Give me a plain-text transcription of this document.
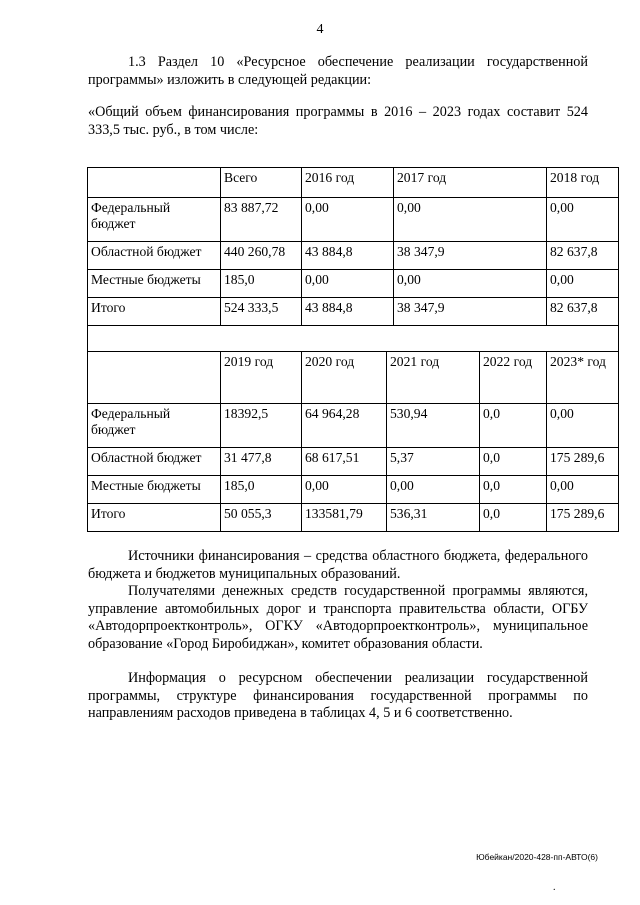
4
1.3 Раздел 10 «Ресурсное обеспечение реализации государственной программы» изложить в следующей редакции:
«Общий объем финансирования программы в 2016 – 2023 годах составит 524 333,5 тыс. руб., в том числе:
	Всего	2016 год		2017 год		2018 год
Федеральный бюджет	83 887,72	0,00		0,00		0,00
Областной бюджет	440 260,78	43 884,8		38 347,9		82 637,8
Местные бюджеты	185,0	0,00		0,00		0,00
Итого	524 333,5	43 884,8		38 347,9		82 637,8

	2019 год	2020 год	2021 год		2022 год	2023* год
Федеральный бюджет	18392,5	64 964,28	530,94		0,0	0,00
Областной бюджет	31 477,8	68 617,51	5,37		0,0	175 289,6
Местные бюджеты	185,0	0,00	0,00		0,0	0,00
Итого	50 055,3	133581,79	536,31		0,0	175 289,6
Источники финансирования – средства областного бюджета, федерального бюджета и бюджетов муниципальных образований.
Получателями денежных средств государственной программы являются, управление автомобильных дорог и транспорта правительства области, ОГБУ «Автодорпроектконтроль», ОГКУ «Автодорпроектконтроль», муниципальное образование «Город Биробиджан», комитет образования области.
Информация о ресурсном обеспечении реализации государственной программы, структуре финансирования государственной программы по направлениям расходов приведена в таблицах 4, 5 и 6 соответственно.
Юбейкан/2020-428-пп-АВТО(6)
.
